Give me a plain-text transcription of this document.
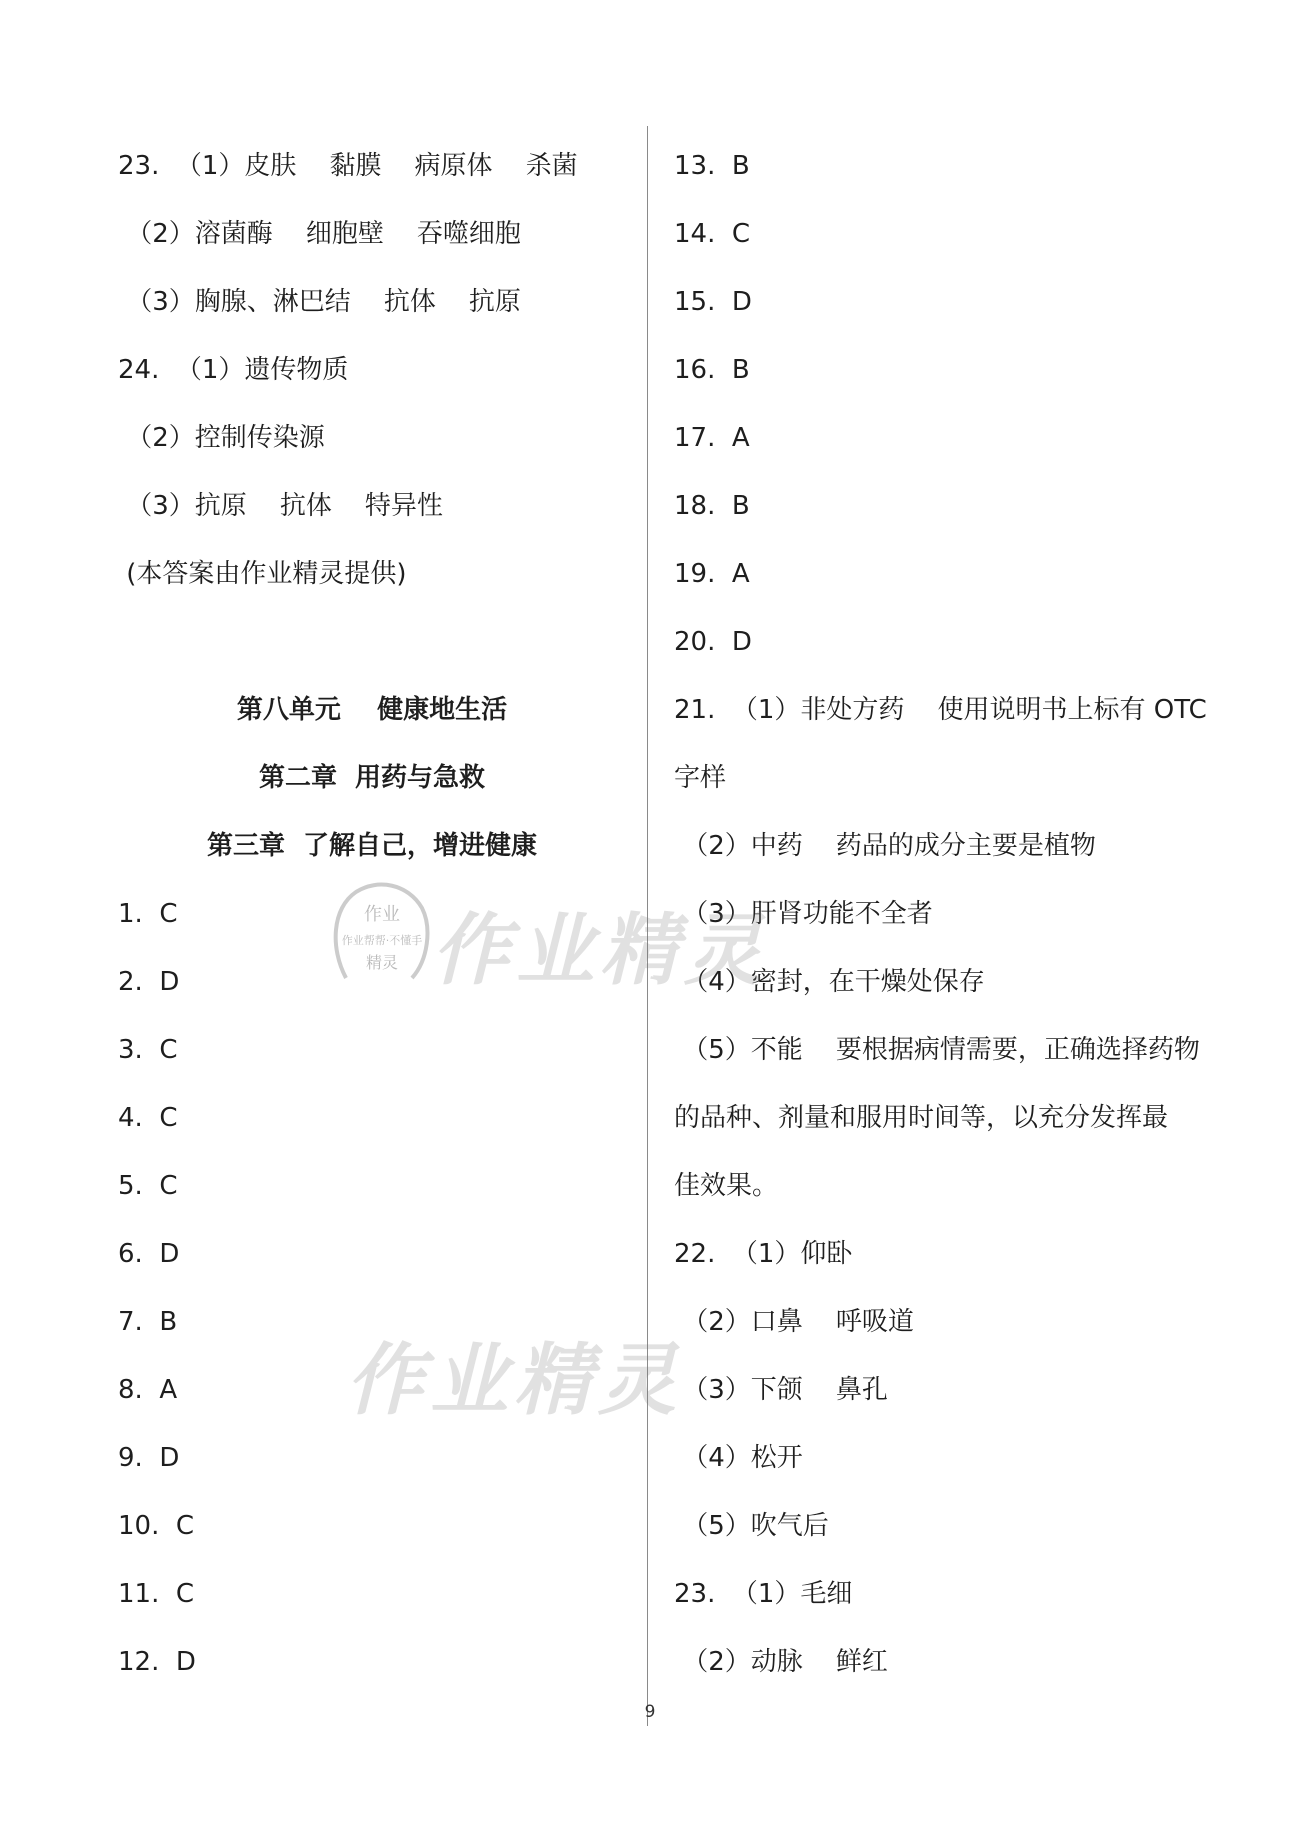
23.  （1）皮肤    黏膜    病原体    杀菌
（2）溶菌酶    细胞壁    吞噬细胞
（3）胸腺、淋巴结    抗体    抗原
24.  （1）遗传物质
（2）控制传染源
（3）抗原    抗体    特异性
(本答案由作业精灵提供)
第八单元    健康地生活
第二章  用药与急救
第三章  了解自己，增进健康
1.  C
2.  D
3.  C
4.  C
5.  C
6.  D
7.  B
8.  A
9.  D
10.  C
11.  C
12.  D
13.  B
14.  C
15.  D
16.  B
17.  A
18.  B
19.  A
20.  D
21.  （1）非处方药    使用说明书上标有 OTC
字样
（2）中药    药品的成分主要是植物
（3）肝肾功能不全者
（4）密封，在干燥处保存
（5）不能    要根据病情需要，正确选择药物
的品种、剂量和服用时间等，以充分发挥最
佳效果。
22.  （1）仰卧
（2）口鼻    呼吸道
（3）下颌    鼻孔
（4）松开
（5）吹气后
23.  （1）毛细
（2）动脉    鲜红
作业
作业帮帮·不懂手
精灵 作业精灵
作业精灵
9
